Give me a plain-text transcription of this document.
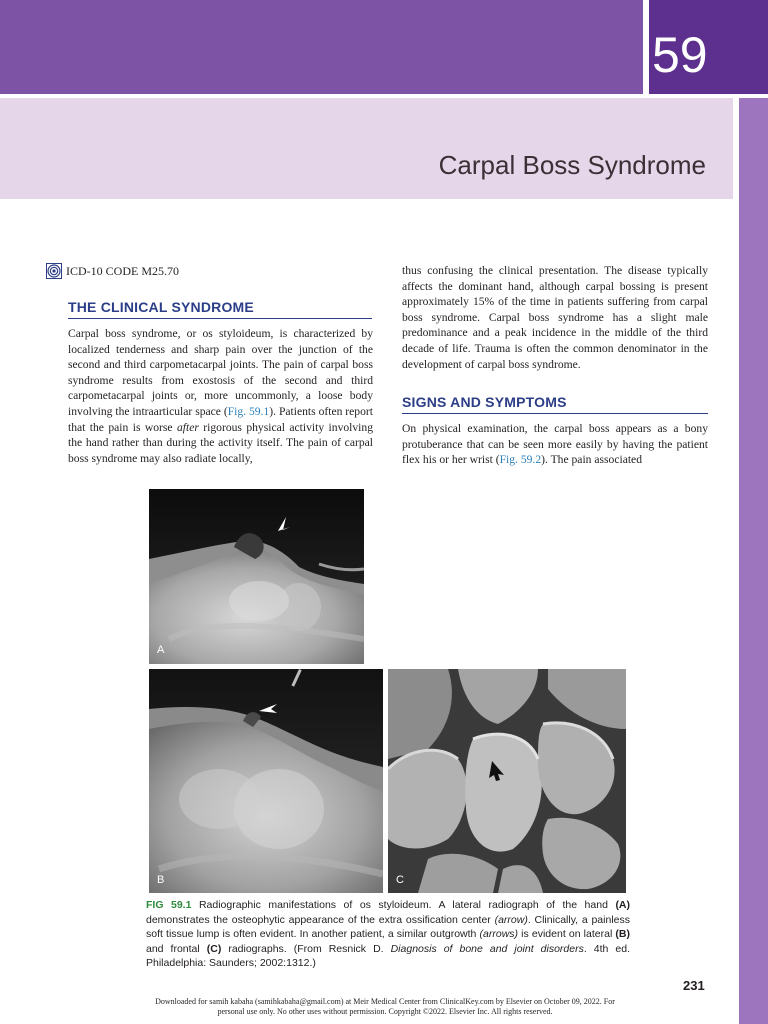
59
Carpal Boss Syndrome
ICD-10 CODE M25.70
THE CLINICAL SYNDROME

Carpal boss syndrome, or os styloideum, is characterized by localized tenderness and sharp pain over the junction of the second and third carpometacarpal joints. The pain of carpal boss syndrome results from exostosis of the second and third carpometacarpal joints or, more uncommonly, a loose body involving the intraarticular space (Fig. 59.1). Patients often report that the pain is worse after rigorous physical activity involving the hand rather than during the activity itself. The pain of carpal boss syndrome may also radiate locally,

thus confusing the clinical presentation. The disease typically affects the dominant hand, although carpal bossing is present approximately 15% of the time in patients suffering from carpal boss syndrome. Carpal boss syndrome has a slight male predominance and a peak incidence in the middle of the third decade of life. Trauma is often the common denominator in the development of carpal boss syndrome.

SIGNS AND SYMPTOMS

On physical examination, the carpal boss appears as a bony protuberance that can be seen more easily by having the patient flex his or her wrist (Fig. 59.2). The pain associated

A
B	C
FIG 59.1 Radiographic manifestations of os styloideum. A lateral radiograph of the hand (A) demonstrates the osteophytic appearance of the extra ossification center (arrow). Clinically, a painless soft tissue lump is often evident. In another patient, a similar outgrowth (arrows) is evident on lateral (B) and frontal (C) radiographs. (From Resnick D. Diagnosis of bone and joint disorders. 4th ed. Philadelphia: Saunders; 2002:1312.)
231
Downloaded for samih kabaha (samihkabaha@gmail.com) at Meir Medical Center from ClinicalKey.com by Elsevier on October 09, 2022. For personal use only. No other uses without permission. Copyright ©2022. Elsevier Inc. All rights reserved.
